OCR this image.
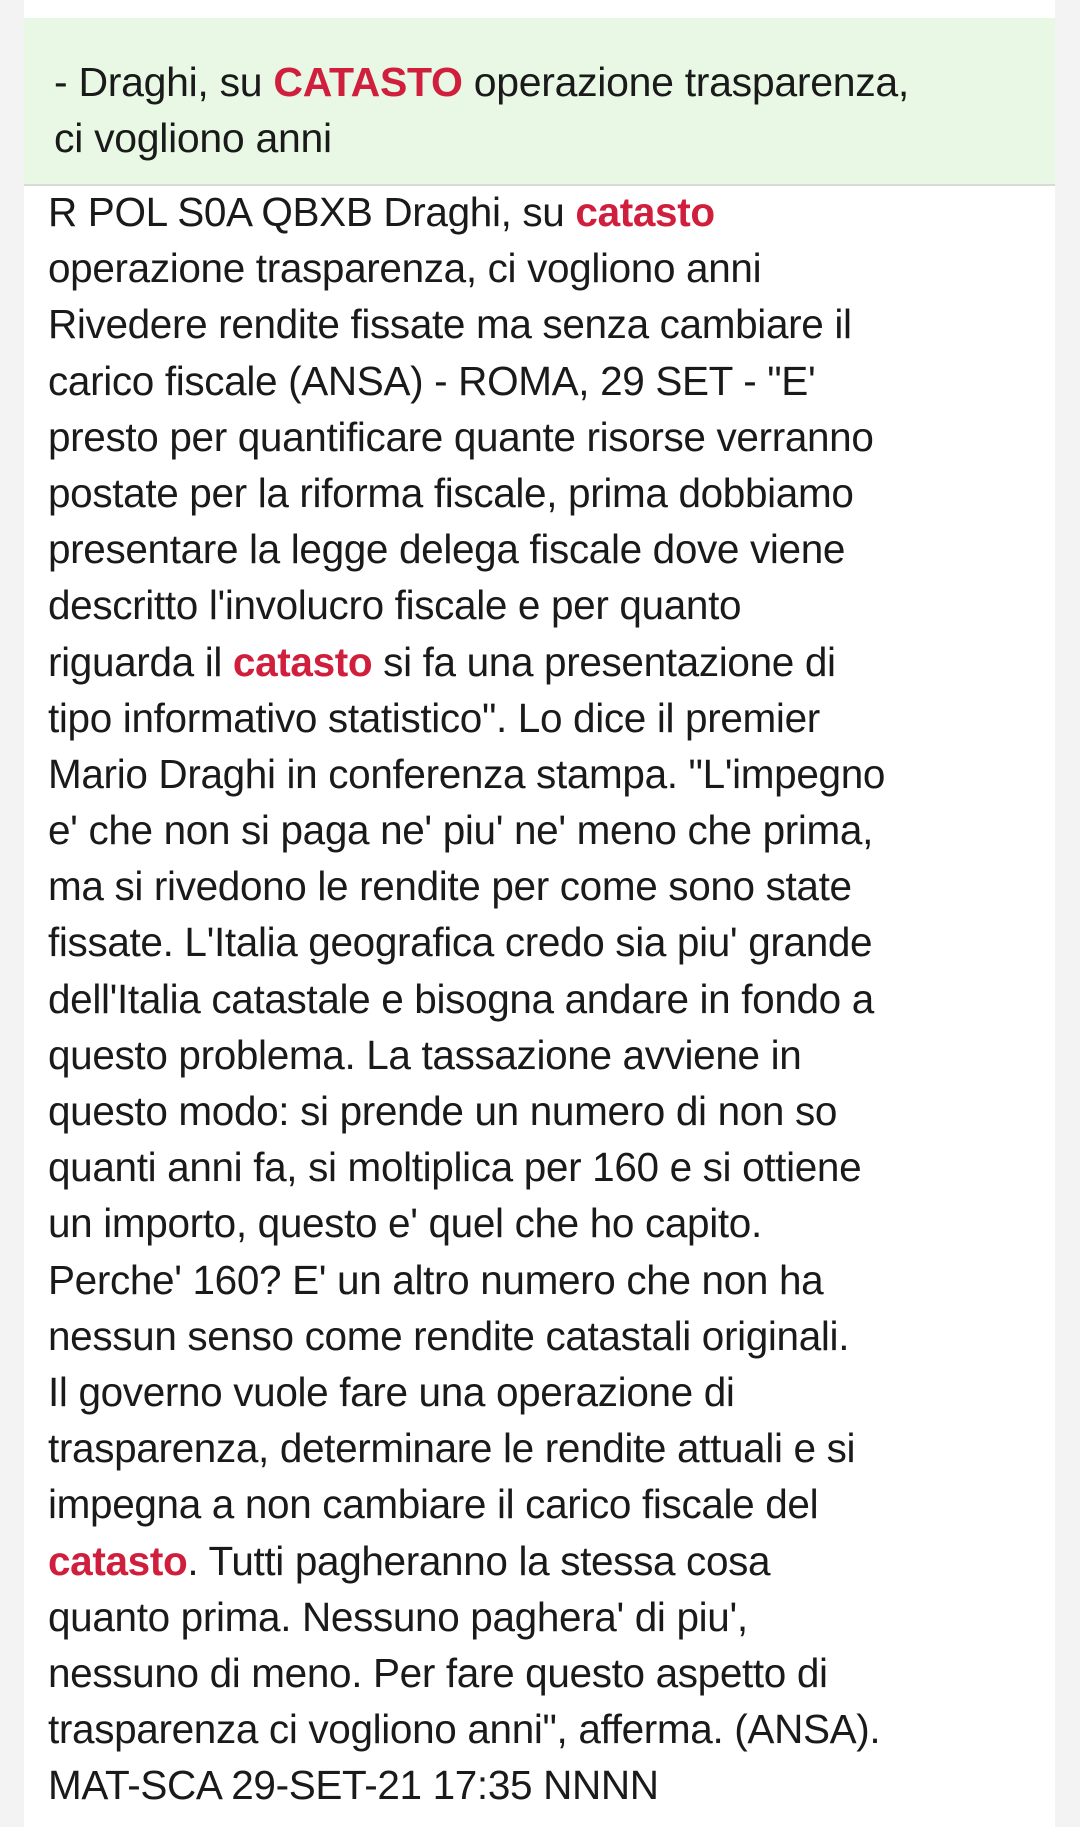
- Draghi, su CATASTO operazione trasparenza,
ci vogliono anni
R POL S0A QBXB Draghi, su catasto
operazione trasparenza, ci vogliono anni
Rivedere rendite fissate ma senza cambiare il
carico fiscale (ANSA) - ROMA, 29 SET - "E'
presto per quantificare quante risorse verranno
postate per la riforma fiscale, prima dobbiamo
presentare la legge delega fiscale dove viene
descritto l'involucro fiscale e per quanto
riguarda il catasto si fa una presentazione di
tipo informativo statistico". Lo dice il premier
Mario Draghi in conferenza stampa. "L'impegno
e' che non si paga ne' piu' ne' meno che prima,
ma si rivedono le rendite per come sono state
fissate. L'Italia geografica credo sia piu' grande
dell'Italia catastale e bisogna andare in fondo a
questo problema. La tassazione avviene in
questo modo: si prende un numero di non so
quanti anni fa, si moltiplica per 160 e si ottiene
un importo, questo e' quel che ho capito.
Perche' 160? E' un altro numero che non ha
nessun senso come rendite catastali originali.
Il governo vuole fare una operazione di
trasparenza, determinare le rendite attuali e si
impegna a non cambiare il carico fiscale del
catasto. Tutti pagheranno la stessa cosa
quanto prima. Nessuno paghera' di piu',
nessuno di meno. Per fare questo aspetto di
trasparenza ci vogliono anni", afferma. (ANSA).
MAT-SCA 29-SET-21 17:35 NNNN
